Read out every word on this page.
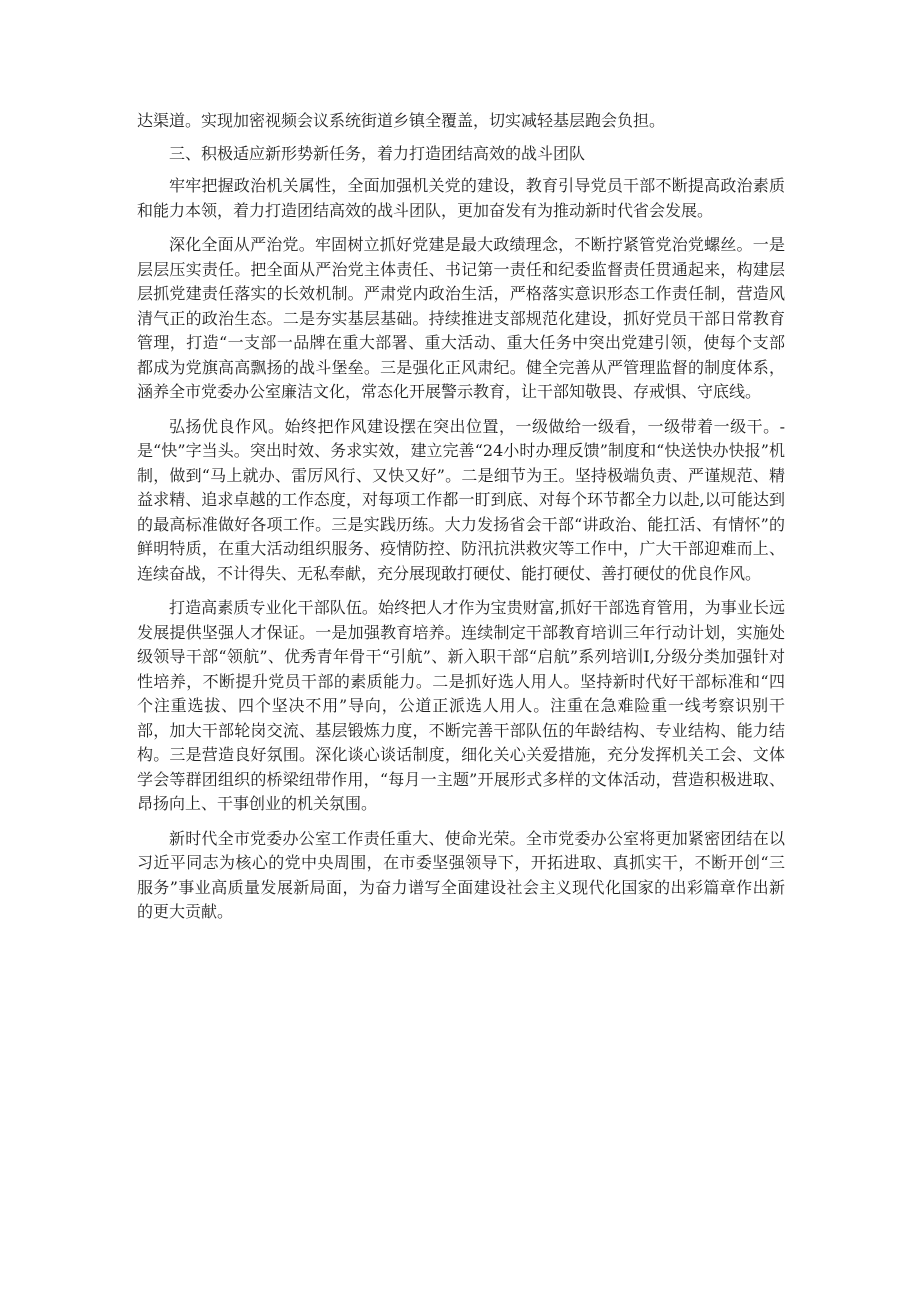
达渠道。实现加密视频会议系统街道乡镇全覆盖，切实减轻基层跑会负担。

三、积极适应新形势新任务，着力打造团结高效的战斗团队

牢牢把握政治机关属性，全面加强机关党的建设，教育引导党员干部不断提高政治素质和能力本领，着力打造团结高效的战斗团队，更加奋发有为推动新时代省会发展。

深化全面从严治党。牢固树立抓好党建是最大政绩理念，不断拧紧管党治党螺丝。一是层层压实责任。把全面从严治党主体责任、书记第一责任和纪委监督责任贯通起来，构建层层抓党建责任落实的长效机制。严肃党内政治生活，严格落实意识形态工作责任制，营造风清气正的政治生态。二是夯实基层基础。持续推进支部规范化建设，抓好党员干部日常教育管理，打造“一支部一品牌在重大部署、重大活动、重大任务中突出党建引领，使每个支部都成为党旗高高飘扬的战斗堡垒。三是强化正风肃纪。健全完善从严管理监督的制度体系，涵养全市党委办公室廉洁文化，常态化开展警示教育，让干部知敬畏、存戒惧、守底线。

弘扬优良作风。始终把作风建设摆在突出位置，一级做给一级看，一级带着一级干。-是“快”字当头。突出时效、务求实效，建立完善“24小时办理反馈”制度和“快送快办快报”机制，做到“马上就办、雷厉风行、又快又好”。二是细节为王。坚持极端负责、严谨规范、精益求精、追求卓越的工作态度，对每项工作都一盯到底、对每个环节都全力以赴,以可能达到的最高标准做好各项工作。三是实践历练。大力发扬省会干部“讲政治、能扛活、有情怀”的鲜明特质，在重大活动组织服务、疫情防控、防汛抗洪救灾等工作中，广大干部迎难而上、连续奋战，不计得失、无私奉献，充分展现敢打硬仗、能打硬仗、善打硬仗的优良作风。

打造高素质专业化干部队伍。始终把人才作为宝贵财富,抓好干部选育管用，为事业长远发展提供坚强人才保证。一是加强教育培养。连续制定干部教育培训三年行动计划，实施处级领导干部“领航”、优秀青年骨干“引航”、新入职干部“启航”系列培训I,分级分类加强针对性培养，不断提升党员干部的素质能力。二是抓好选人用人。坚持新时代好干部标准和“四个注重选拔、四个坚决不用”导向，公道正派选人用人。注重在急难险重一线考察识别干部，加大干部轮岗交流、基层锻炼力度，不断完善干部队伍的年龄结构、专业结构、能力结构。三是营造良好氛围。深化谈心谈话制度，细化关心关爱措施，充分发挥机关工会、文体学会等群团组织的桥梁纽带作用，“每月一主题”开展形式多样的文体活动，营造积极进取、昂扬向上、干事创业的机关氛围。

新时代全市党委办公室工作责任重大、使命光荣。全市党委办公室将更加紧密团结在以习近平同志为核心的党中央周围，在市委坚强领导下，开拓进取、真抓实干，不断开创“三服务”事业高质量发展新局面，为奋力谱写全面建设社会主义现代化国家的出彩篇章作出新的更大贡献。
